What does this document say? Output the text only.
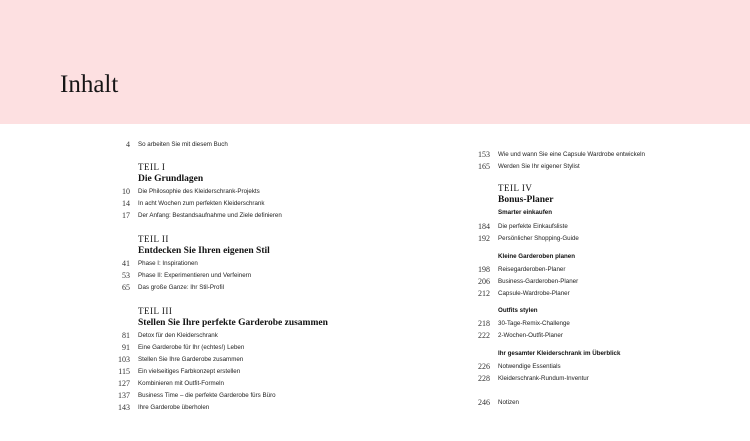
Inhalt
4 So arbeiten Sie mit diesem Buch
TEIL I
Die Grundlagen
10 Die Philosophie des Kleiderschrank-Projekts
14 In acht Wochen zum perfekten Kleiderschrank
17 Der Anfang: Bestandsaufnahme und Ziele definieren
TEIL II
Entdecken Sie Ihren eigenen Stil
41 Phase I: Inspirationen
53 Phase II: Experimentieren und Verfeinern
65 Das große Ganze: Ihr Stil-Profil
TEIL III
Stellen Sie Ihre perfekte Garderobe zusammen
81 Detox für den Kleiderschrank
91 Eine Garderobe für Ihr (echtes!) Leben
103 Stellen Sie Ihre Garderobe zusammen
115 Ein vielseitiges Farbkonzept erstellen
127 Kombinieren mit Outfit-Formeln
137 Business Time – die perfekte Garderobe fürs Büro
143 Ihre Garderobe überholen
153 Wie und wann Sie eine Capsule Wardrobe entwickeln
165 Werden Sie Ihr eigener Stylist
TEIL IV
Bonus-Planer
Smarter einkaufen
184 Die perfekte Einkaufsliste
192 Persönlicher Shopping-Guide
Kleine Garderoben planen
198 Reisegarderoben-Planer
206 Business-Garderoben-Planer
212 Capsule-Wardrobe-Planer
Outfits stylen
218 30-Tage-Remix-Challenge
222 2-Wochen-Outfit-Planer
Ihr gesamter Kleiderschrank im Überblick
226 Notwendige Essentials
228 Kleiderschrank-Rundum-Inventur
246 Notizen
